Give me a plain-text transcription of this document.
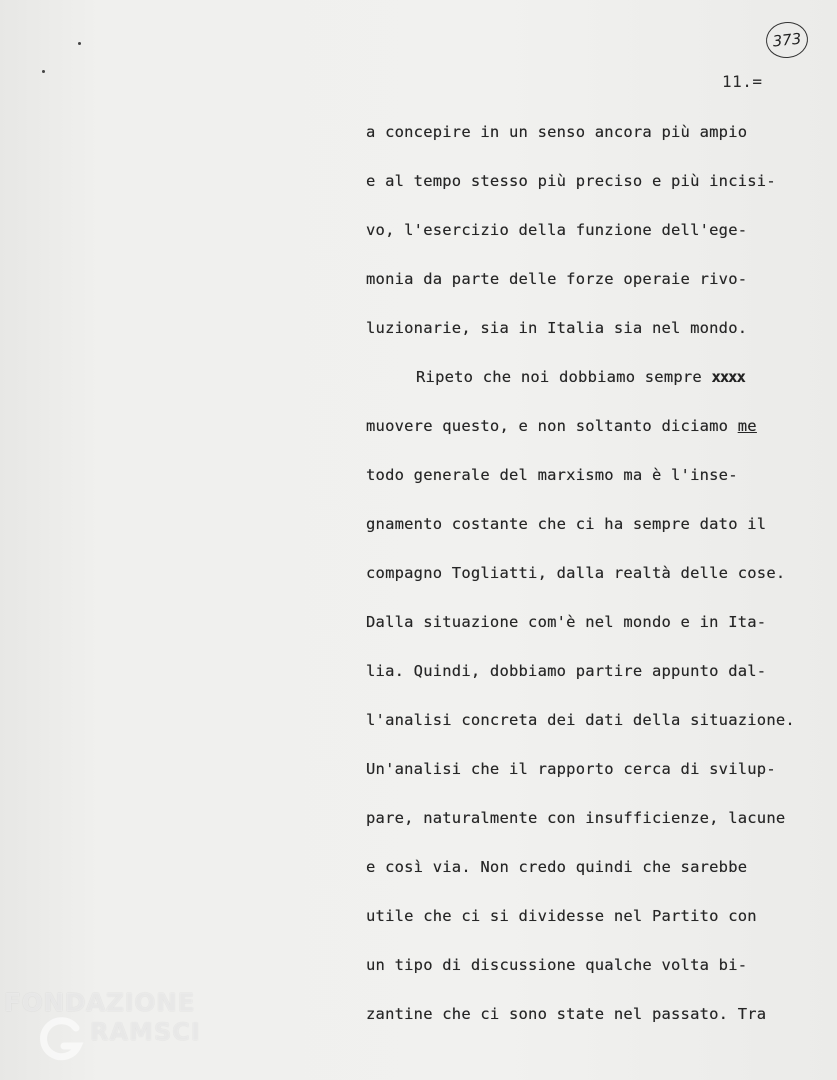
373
11.=
a concepire in un senso ancora più ampio
e al tempo stesso più preciso e più incisi-
vo, l'esercizio della funzione dell'ege-
monia da parte delle forze operaie rivo-
luzionarie, sia in Italia sia nel mondo.
Ripeto che noi dobbiamo sempre xxxx
muovere questo, e non soltanto diciamo me
todo generale del marxismo ma è l'inse-
gnamento costante che ci ha sempre dato il
compagno Togliatti, dalla realtà delle cose.
Dalla situazione com'è nel mondo e in Ita-
lia. Quindi, dobbiamo partire appunto dal-
l'analisi concreta dei dati della situazione.
Un'analisi che il rapporto cerca di svilup-
pare, naturalmente con insufficienze, lacune
e così via. Non credo quindi che sarebbe
utile che ci si dividesse nel Partito con
un tipo di discussione qualche volta bi-
zantine che ci sono state nel passato. Tra
FONDAZIONE
RAMSCI
